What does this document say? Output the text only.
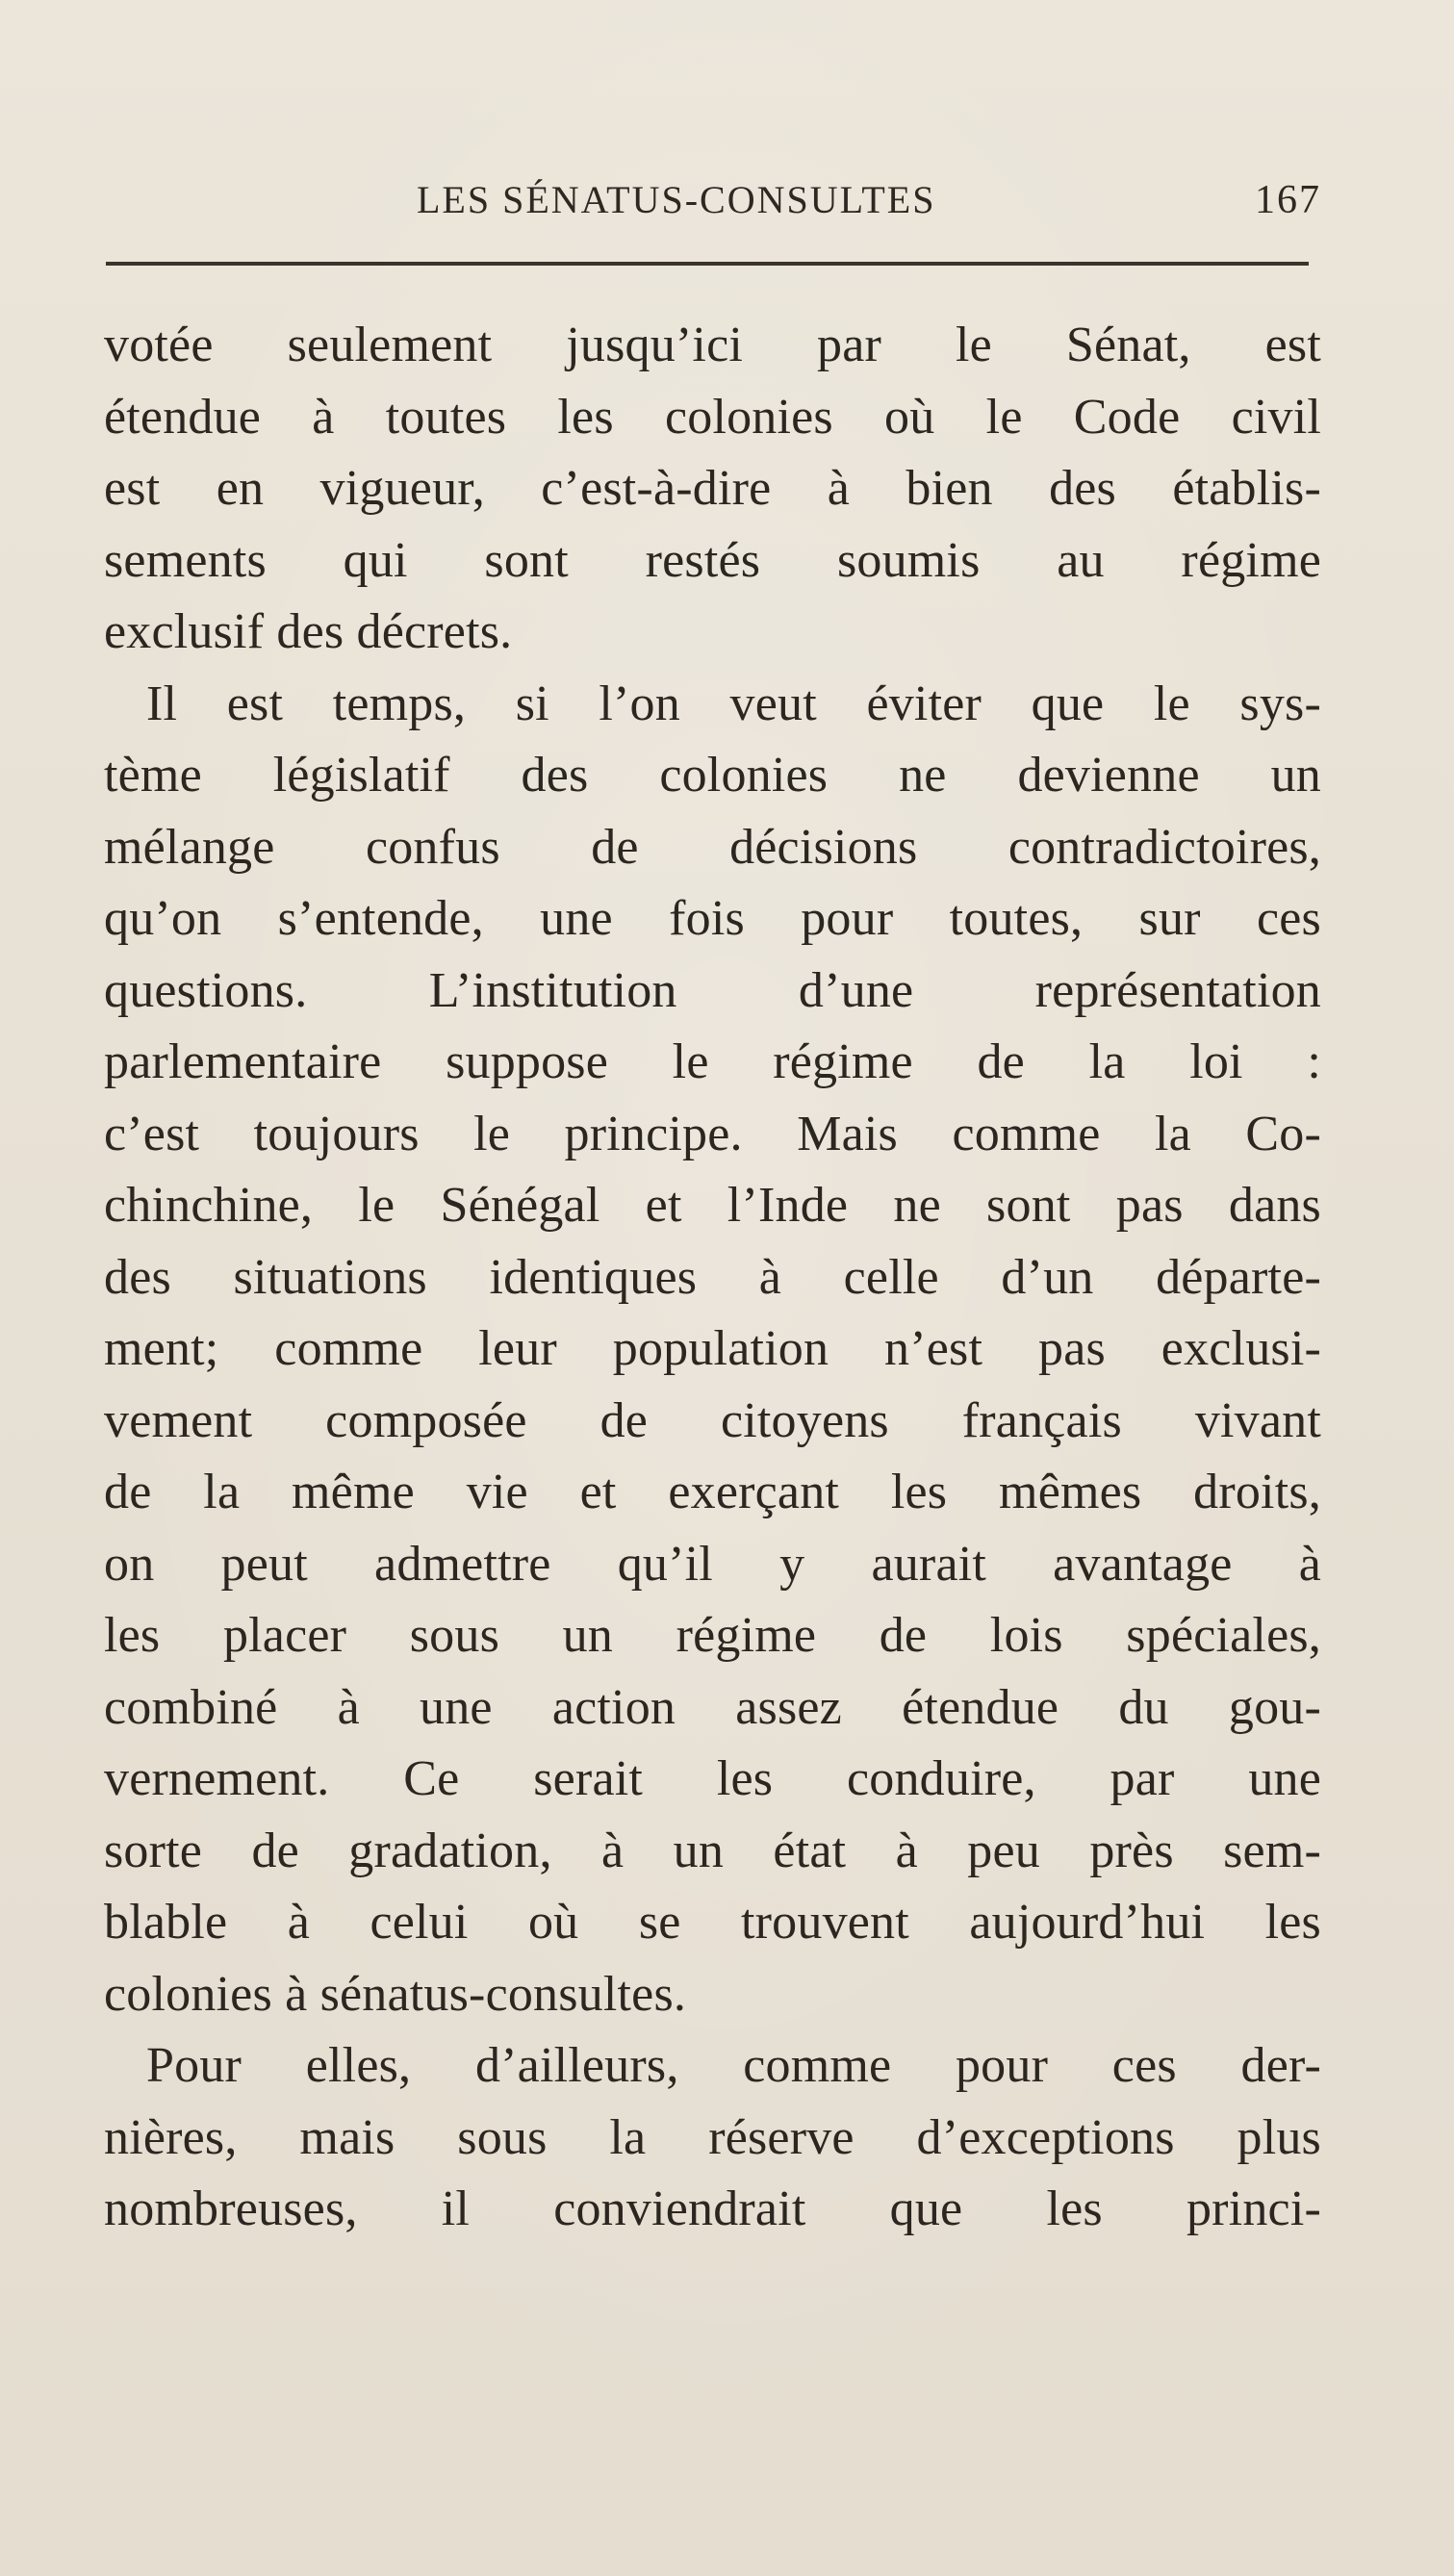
LES SÉNATUS-CONSULTES	167
votée seulement jusqu’ici par le Sénat, est
étendue à toutes les colonies où le Code civil
est en vigueur, c’est-à-dire à bien des établis-
sements qui sont restés soumis au régime
exclusif des décrets.
Il est temps, si l’on veut éviter que le sys-
tème législatif des colonies ne devienne un
mélange confus de décisions contradictoires,
qu’on s’entende, une fois pour toutes, sur ces
questions. L’institution d’une représentation
parlementaire suppose le régime de la loi :
c’est toujours le principe. Mais comme la Co-
chinchine, le Sénégal et l’Inde ne sont pas dans
des situations identiques à celle d’un départe-
ment; comme leur population n’est pas exclusi-
vement composée de citoyens français vivant
de la même vie et exerçant les mêmes droits,
on peut admettre qu’il y aurait avantage à
les placer sous un régime de lois spéciales,
combiné à une action assez étendue du gou-
vernement. Ce serait les conduire, par une
sorte de gradation, à un état à peu près sem-
blable à celui où se trouvent aujourd’hui les
colonies à sénatus-consultes.
Pour elles, d’ailleurs, comme pour ces der-
nières, mais sous la réserve d’exceptions plus
nombreuses, il conviendrait que les princi-
